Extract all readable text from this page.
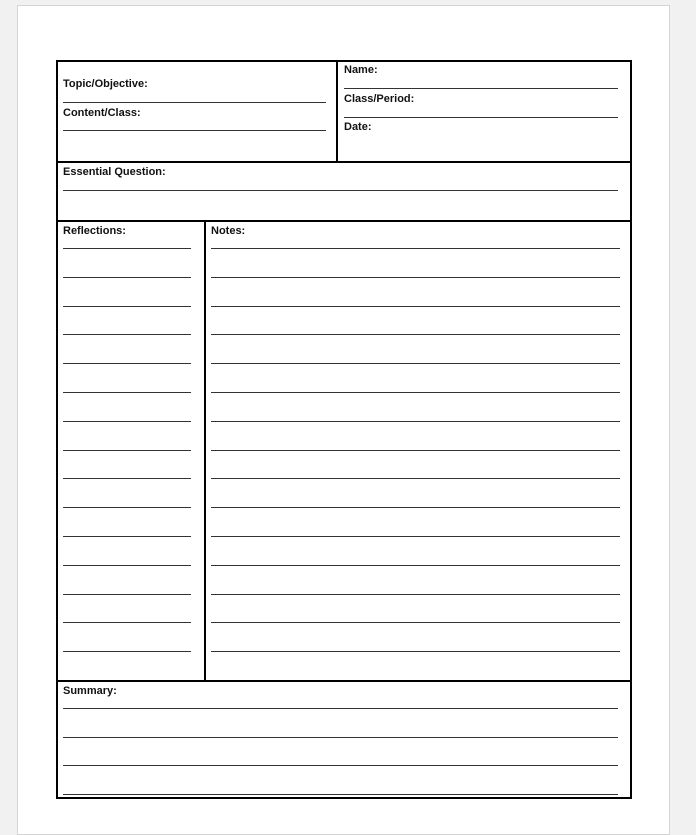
Topic/Objective:
Content/Class:
Name:
Class/Period:
Date:
Essential Question:
Reflections:	Notes:
Summary:
